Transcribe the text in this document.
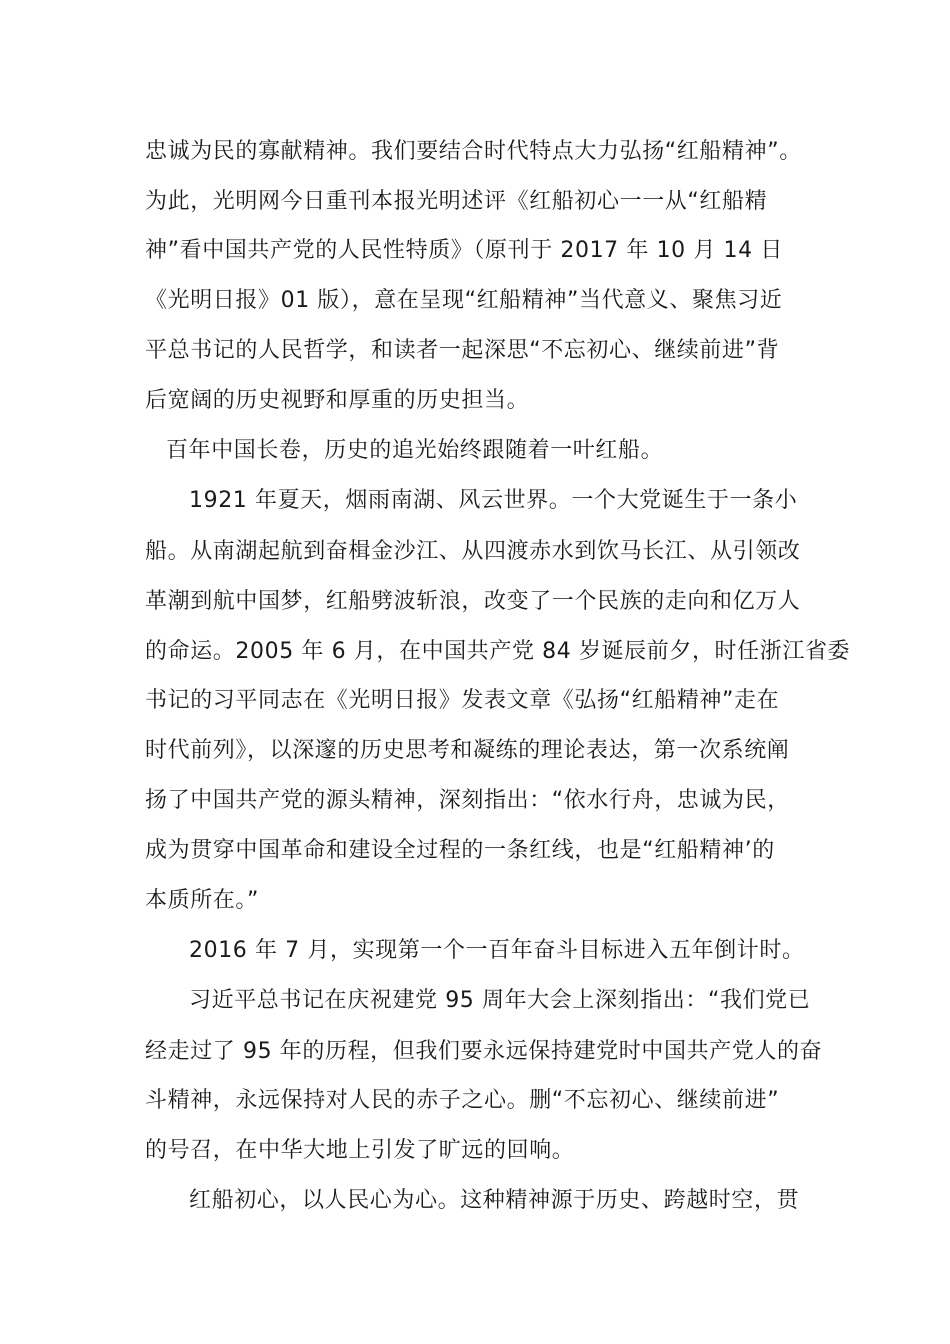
忠诚为民的寡献精神。我们要结合时代特点大力弘扬“红船精神”。
为此，光明网今日重刊本报光明述评《红船初心一一从“红船精
神”看中国共产党的人民性特质》（原刊于 2017 年 10 月 14 日
《光明日报》01 版），意在呈现“红船精神”当代意义、聚焦习近
平总书记的人民哲学，和读者一起深思“不忘初心、继续前进”背
后宽阔的历史视野和厚重的历史担当。
百年中国长卷，历史的追光始终跟随着一叶红船。
1921 年夏天，烟雨南湖、风云世界。一个大党诞生于一条小
船。从南湖起航到奋楫金沙江、从四渡赤水到饮马长江、从引领改
革潮到航中国梦，红船劈波斩浪，改变了一个民族的走向和亿万人
的命运。2005 年 6 月，在中国共产党 84 岁诞辰前夕，时任浙江省委
书记的习平同志在《光明日报》发表文章《弘扬“红船精神”走在
时代前列》，以深邃的历史思考和凝练的理论表达，第一次系统阐
扬了中国共产党的源头精神，深刻指出：“依水行舟，忠诚为民，
成为贯穿中国革命和建设全过程的一条红线，也是“红船精神’的
本质所在。”
2016 年 7 月，实现第一个一百年奋斗目标进入五年倒计时。
习近平总书记在庆祝建党 95 周年大会上深刻指出：“我们党已
经走过了 95 年的历程，但我们要永远保持建党时中国共产党人的奋
斗精神，永远保持对人民的赤子之心。删“不忘初心、继续前进”
的号召，在中华大地上引发了旷远的回响。
红船初心，以人民心为心。这种精神源于历史、跨越时空，贯
